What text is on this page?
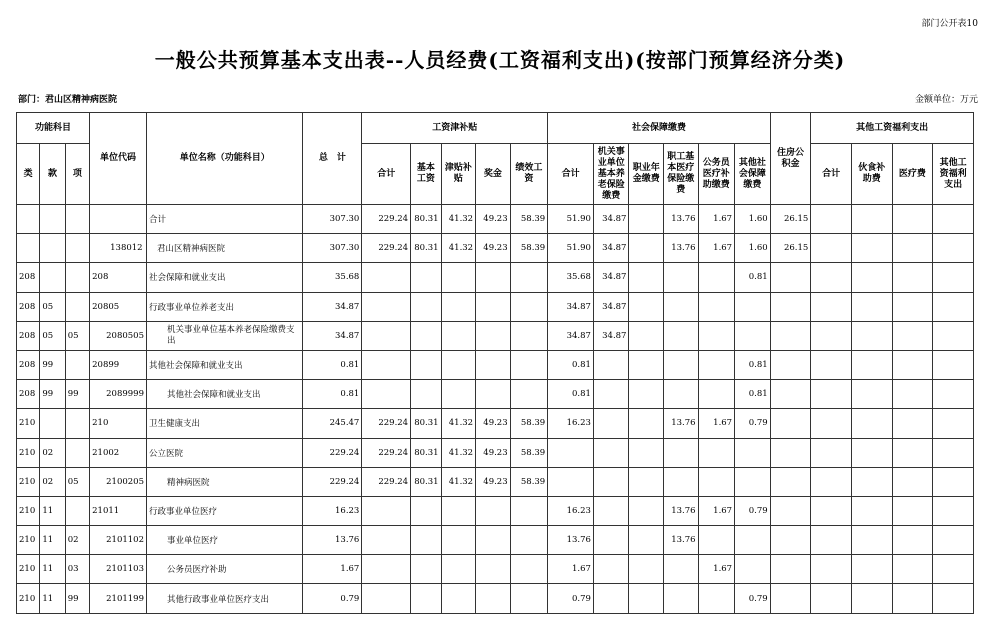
部门公开表10
一般公共预算基本支出表--人员经费(工资福利支出)(按部门预算经济分类)
部门：君山区精神病医院	金额单位：万元
功能科目			单位代码	单位名称（功能科目）	总　计	工资津补贴					社会保障缴费						住房公积金	其他工资福利支出			
类	款	项				合计	基本工资	津贴补贴	奖金	绩效工资	合计	机关事业单位基本养老保险缴费	职业年金缴费	职工基本医疗保险缴费	公务员医疗补助缴费	其他社会保障缴费		合计	伙食补助费	医疗费	其他工资福利支出
				合计	307.30	229.24	80.31	41.32	49.23	58.39	51.90	34.87		13.76	1.67	1.60	26.15				
			138012	君山区精神病医院	307.30	229.24	80.31	41.32	49.23	58.39	51.90	34.87		13.76	1.67	1.60	26.15				
208			208	社会保障和就业支出	35.68						35.68	34.87				0.81					
208	05		20805	行政事业单位养老支出	34.87						34.87	34.87									
208	05	05	2080505	机关事业单位基本养老保险缴费支出	34.87						34.87	34.87									
208	99		20899	其他社会保障和就业支出	0.81						0.81					0.81					
208	99	99	2089999	其他社会保障和就业支出	0.81						0.81					0.81					
210			210	卫生健康支出	245.47	229.24	80.31	41.32	49.23	58.39	16.23			13.76	1.67	0.79					
210	02		21002	公立医院	229.24	229.24	80.31	41.32	49.23	58.39											
210	02	05	2100205	精神病医院	229.24	229.24	80.31	41.32	49.23	58.39											
210	11		21011	行政事业单位医疗	16.23						16.23			13.76	1.67	0.79					
210	11	02	2101102	事业单位医疗	13.76						13.76			13.76							
210	11	03	2101103	公务员医疗补助	1.67						1.67				1.67						
210	11	99	2101199	其他行政事业单位医疗支出	0.79						0.79					0.79					
